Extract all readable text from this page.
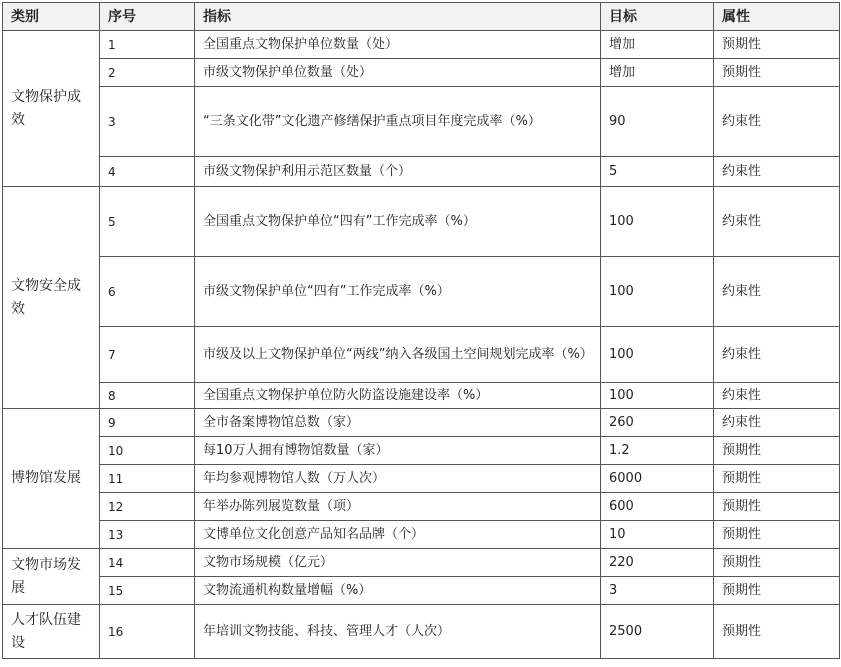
类别	序号	指标	目标	属性
文物保护成效	1	全国重点文物保护单位数量（处）	增加	预期性
	2	市级文物保护单位数量（处）	增加	预期性
	3	“三条文化带”文化遗产修缮保护重点项目年度完成率（%）	90	约束性
	4	市级文物保护利用示范区数量（个）	5	约束性
文物安全成效	5	全国重点文物保护单位“四有”工作完成率（%）	100	约束性
	6	市级文物保护单位“四有”工作完成率（%）	100	约束性
	7	市级及以上文物保护单位“两线”纳入各级国土空间规划完成率（%）	100	约束性
	8	全国重点文物保护单位防火防盗设施建设率（%）	100	约束性
博物馆发展	9	全市备案博物馆总数（家）	260	约束性
	10	每10万人拥有博物馆数量（家）	1.2	预期性
	11	年均参观博物馆人数（万人次）	6000	预期性
	12	年举办陈列展览数量（项）	600	预期性
	13	文博单位文化创意产品知名品牌（个）	10	预期性
文物市场发展	14	文物市场规模（亿元）	220	预期性
	15	文物流通机构数量增幅（%）	3	预期性
人才队伍建设	16	年培训文物技能、科技、管理人才（人次）	2500	预期性
